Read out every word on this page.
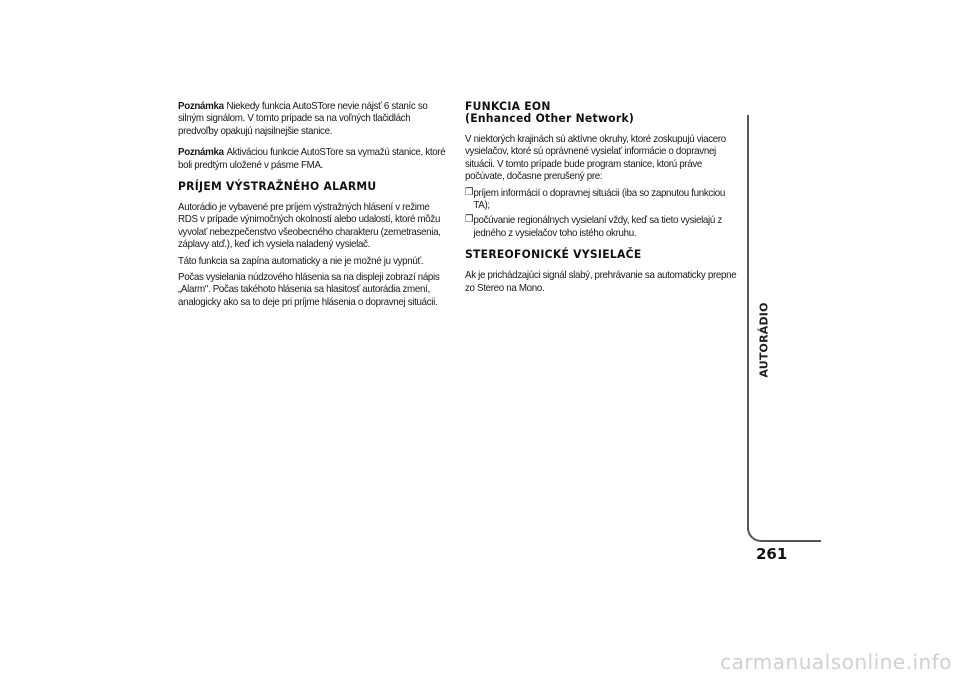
Poznámka Niekedy funkcia AutoSTore nevie nájsť 6 staníc so silným signálom. V tomto prípade sa na voľných tlačidlách predvoľby opakujú najsilnejšie stanice.

Poznámka Aktiváciou funkcie AutoSTore sa vymažú stanice, ktoré boli predtým uložené v pásme FMA.

PRÍJEM VÝSTRAŽNÉHO ALARMU

Autorádio je vybavené pre príjem výstražných hlásení v režime RDS v prípade výnimočných okolností alebo udalostí, ktoré môžu vyvolať nebezpečenstvo všeobecného charakteru (zemetrasenia, záplavy atď.), keď ich vysiela naladený vysielač.

Táto funkcia sa zapína automaticky a nie je možné ju vypnúť.

Počas vysielania núdzového hlásenia sa na displeji zobrazí nápis „Alarm". Počas takéhoto hlásenia sa hlasitosť autorádia zmení, analogicky ako sa to deje pri príjme hlásenia o dopravnej situácii.

FUNKCIA EON
(Enhanced Other Network)

V niektorých krajinách sú aktívne okruhy, ktoré zoskupujú viacero vysielačov, ktoré sú oprávnené vysielať informácie o dopravnej situácii. V tomto prípade bude program stanice, ktorú práve počúvate, dočasne prerušený pre:

❒ príjem informácií o dopravnej situácii (iba so zapnutou funkciou TA);
❒ počúvanie regionálnych vysielaní vždy, keď sa tieto vysielajú z jedného z vysielačov toho istého okruhu.
STEREOFONICKÉ VYSIELAČE

Ak je prichádzajúci signál slabý, prehrávanie sa automaticky prepne zo Stereo na Mono.

AUTORÁDIO
261
carmanualsonline.info
